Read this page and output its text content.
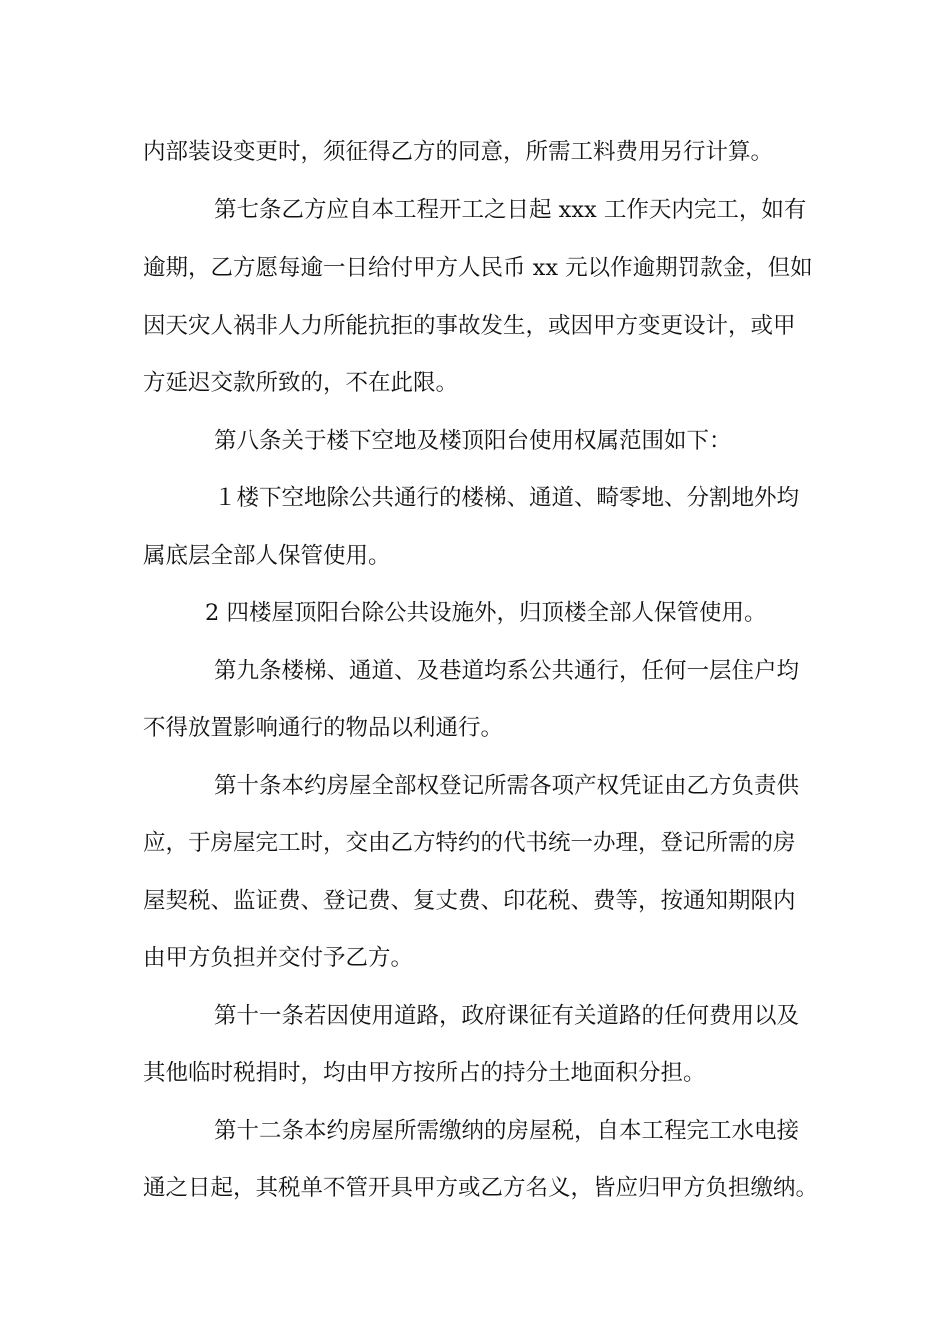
内部装设变更时，须征得乙方的同意，所需工料费用另行计算。
第七条乙方应自本工程开工之日起 xxx 工作天内完工，如有
逾期，乙方愿每逾一日给付甲方人民币 xx 元以作逾期罚款金，但如
因天灾人祸非人力所能抗拒的事故发生，或因甲方变更设计，或甲
方延迟交款所致的，不在此限。
第八条关于楼下空地及楼顶阳台使用权属范围如下：
１楼下空地除公共通行的楼梯、通道、畸零地、分割地外均
属底层全部人保管使用。
2 四楼屋顶阳台除公共设施外，归顶楼全部人保管使用。
第九条楼梯、通道、及巷道均系公共通行，任何一层住户均
不得放置影响通行的物品以利通行。
第十条本约房屋全部权登记所需各项产权凭证由乙方负责供
应，于房屋完工时，交由乙方特约的代书统一办理，登记所需的房
屋契税、监证费、登记费、复丈费、印花税、费等，按通知期限内
由甲方负担并交付予乙方。
第十一条若因使用道路，政府课征有关道路的任何费用以及
其他临时税捐时，均由甲方按所占的持分土地面积分担。
第十二条本约房屋所需缴纳的房屋税，自本工程完工水电接
通之日起，其税单不管开具甲方或乙方名义，皆应归甲方负担缴纳。
